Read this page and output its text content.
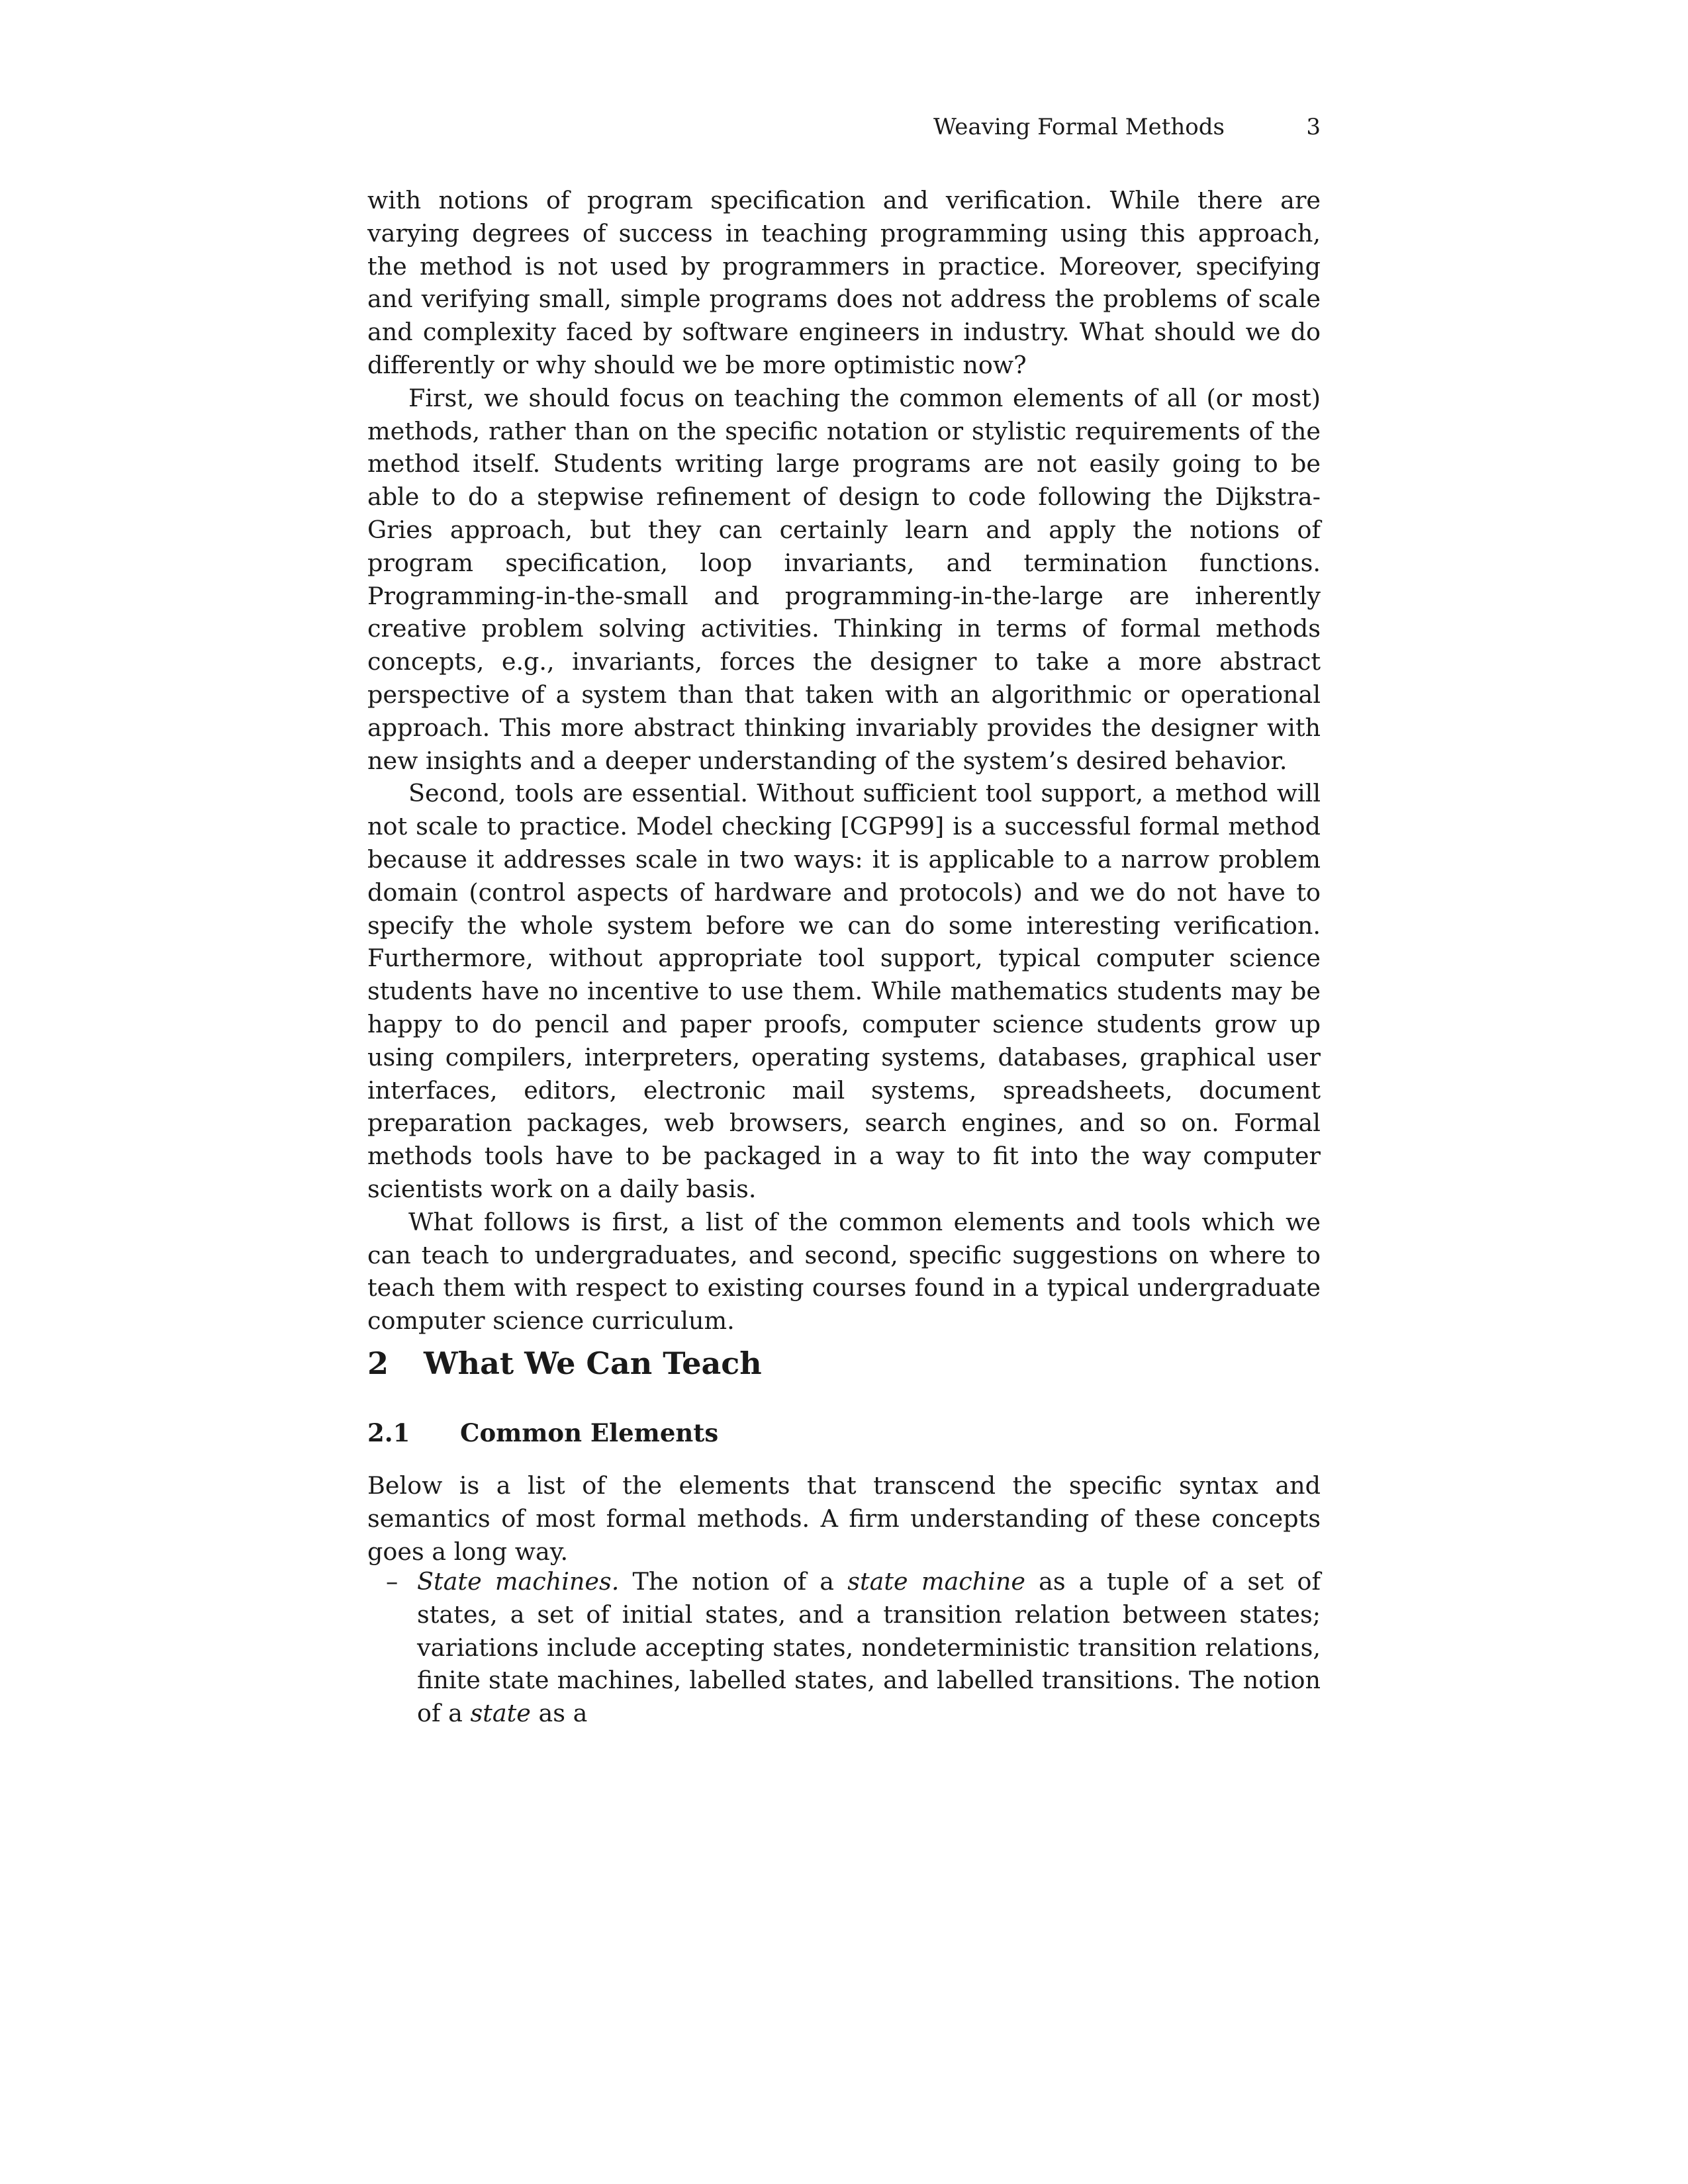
Weaving Formal Methods	3

with notions of program specification and verification. While there are varying degrees of success in teaching programming using this approach, the method is not used by programmers in practice. Moreover, specifying and verifying small, simple programs does not address the problems of scale and complexity faced by software engineers in industry. What should we do differently or why should we be more optimistic now?

First, we should focus on teaching the common elements of all (or most) methods, rather than on the specific notation or stylistic requirements of the method itself. Students writing large programs are not easily going to be able to do a stepwise refinement of design to code following the Dijkstra-Gries approach, but they can certainly learn and apply the notions of program specification, loop invariants, and termination functions. Programming-in-the-small and programming-in-the-large are inherently creative problem solving activities. Thinking in terms of formal methods concepts, e.g., invariants, forces the designer to take a more abstract perspective of a system than that taken with an algorithmic or operational approach. This more abstract thinking invariably provides the designer with new insights and a deeper understanding of the system’s desired behavior.

Second, tools are essential. Without sufficient tool support, a method will not scale to practice. Model checking [CGP99] is a successful formal method because it addresses scale in two ways: it is applicable to a narrow problem domain (control aspects of hardware and protocols) and we do not have to specify the whole system before we can do some interesting verification. Furthermore, without appropriate tool support, typical computer science students have no incentive to use them. While mathematics students may be happy to do pencil and paper proofs, computer science students grow up using compilers, interpreters, operating systems, databases, graphical user interfaces, editors, electronic mail systems, spreadsheets, document preparation packages, web browsers, search engines, and so on. Formal methods tools have to be packaged in a way to fit into the way computer scientists work on a daily basis.

What follows is first, a list of the common elements and tools which we can teach to undergraduates, and second, specific suggestions on where to teach them with respect to existing courses found in a typical undergraduate computer science curriculum.

2 What We Can Teach
2.1 Common Elements

Below is a list of the elements that transcend the specific syntax and semantics of most formal methods. A firm understanding of these concepts goes a long way.

– State machines. The notion of a state machine as a tuple of a set of states, a set of initial states, and a transition relation between states; variations include accepting states, nondeterministic transition relations, finite state machines, labelled states, and labelled transitions. The notion of a state as a
